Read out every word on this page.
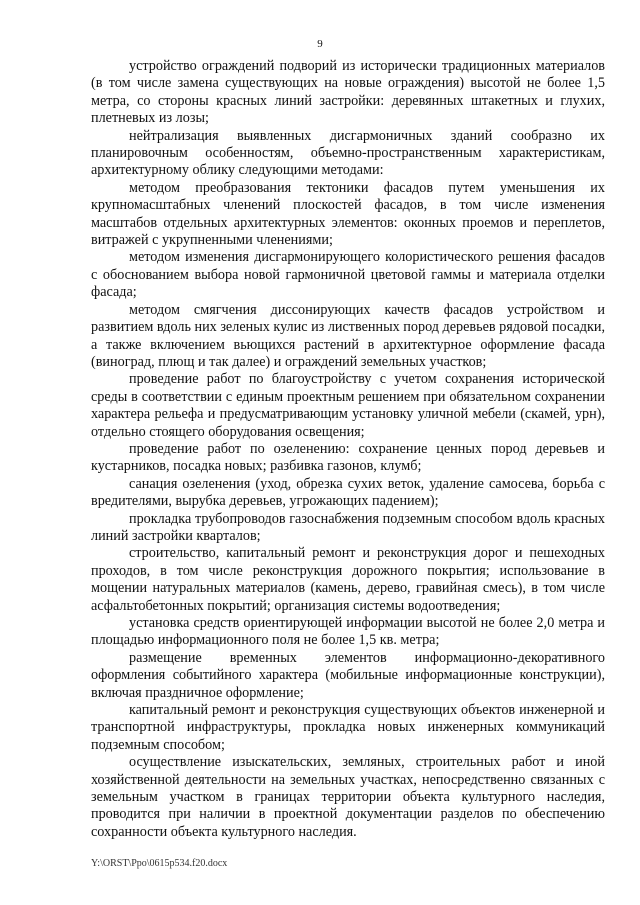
9

устройство ограждений подворий из исторически традиционных материалов (в том числе замена существующих на новые ограждения) высотой не более 1,5 метра, со стороны красных линий застройки: деревянных штакетных и глухих, плетневых из лозы;

нейтрализация выявленных дисгармоничных зданий сообразно их планировочным особенностям, объемно-пространственным характеристикам, архитектурному облику следующими методами:

методом преобразования тектоники фасадов путем уменьшения их крупномасштабных членений плоскостей фасадов, в том числе изменения масштабов отдельных архитектурных элементов: оконных проемов и переплетов, витражей с укрупненными членениями;

методом изменения дисгармонирующего колористического решения фасадов с обоснованием выбора новой гармоничной цветовой гаммы и материала отделки фасада;

методом смягчения диссонирующих качеств фасадов устройством и развитием вдоль них зеленых кулис из лиственных пород деревьев рядовой посадки, а также включением вьющихся растений в архитектурное оформление фасада (виноград, плющ и так далее) и ограждений земельных участков;

проведение работ по благоустройству с учетом сохранения исторической среды в соответствии с единым проектным решением при обязательном сохранении характера рельефа и предусматривающим установку уличной мебели (скамей, урн), отдельно стоящего оборудования освещения;

проведение работ по озеленению: сохранение ценных пород деревьев и кустарников, посадка новых; разбивка газонов, клумб;

санация озеленения (уход, обрезка сухих веток, удаление самосева, борьба с вредителями, вырубка деревьев, угрожающих падением);

прокладка трубопроводов газоснабжения подземным способом вдоль красных линий застройки кварталов;

строительство, капитальный ремонт и реконструкция дорог и пешеходных проходов, в том числе реконструкция дорожного покрытия; использование в мощении натуральных материалов (камень, дерево, гравийная смесь), в том числе асфальтобетонных покрытий; организация системы водоотведения;

установка средств ориентирующей информации высотой не более 2,0 метра и площадью информационного поля не более 1,5 кв. метра;

размещение временных элементов информационно-декоративного оформления событийного характера (мобильные информационные конструкции), включая праздничное оформление;

капитальный ремонт и реконструкция существующих объектов инженерной и транспортной инфраструктуры, прокладка новых инженерных коммуникаций подземным способом;

осуществление изыскательских, земляных, строительных работ и иной хозяйственной деятельности на земельных участках, непосредственно связанных с земельным участком в границах территории объекта культурного наследия, проводится при наличии в проектной документации разделов по обеспечению сохранности объекта культурного наследия.

Y:\ORST\Ppo\0615p534.f20.docx
